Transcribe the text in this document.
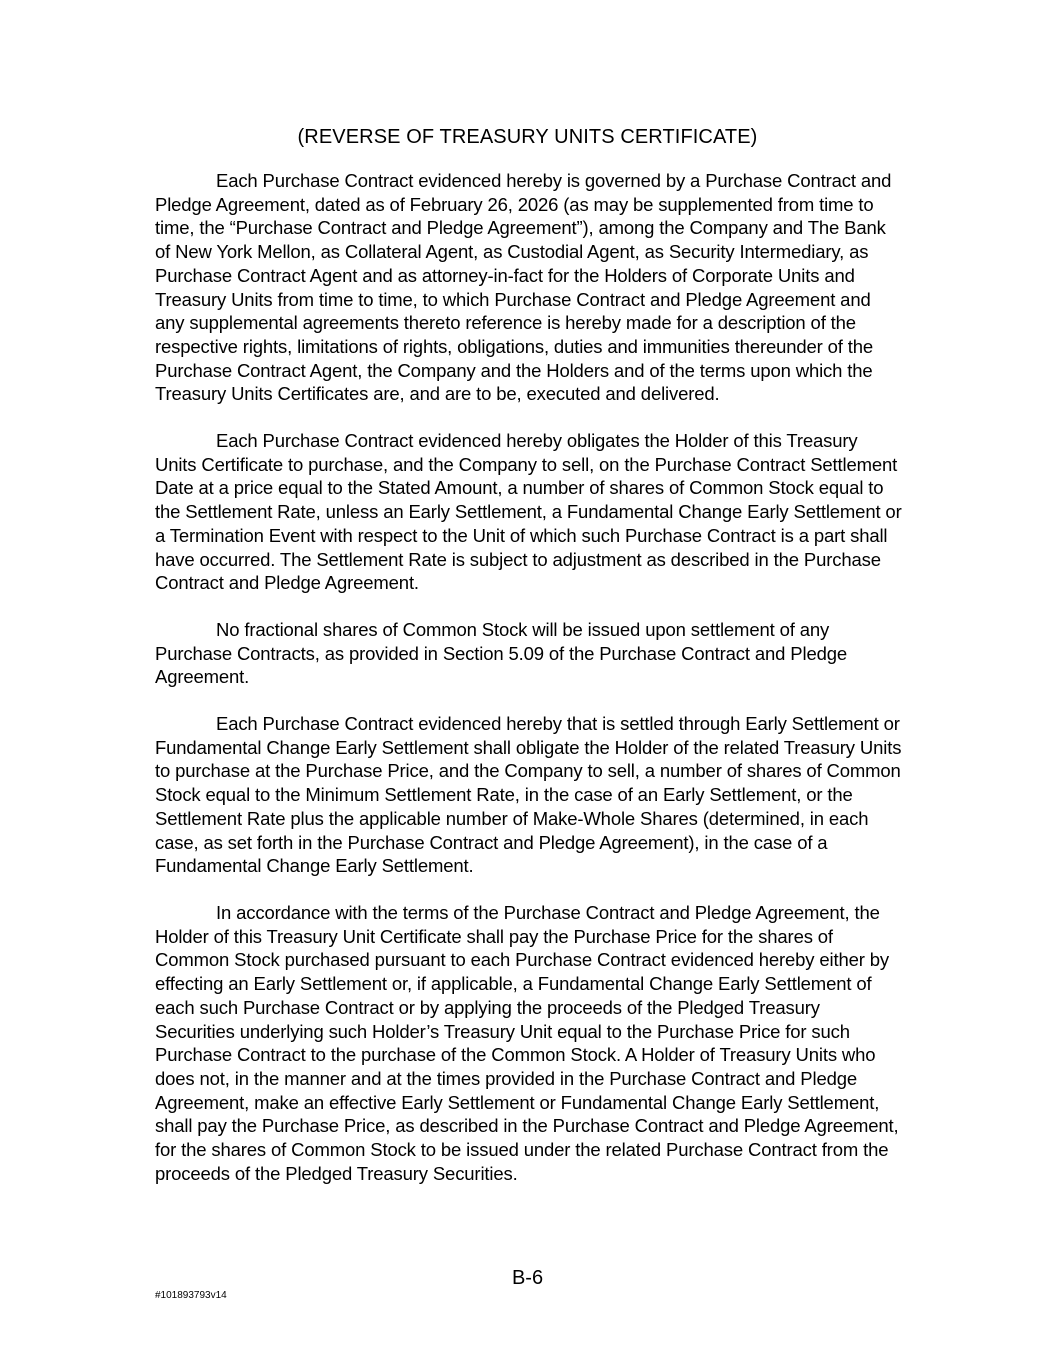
(REVERSE OF TREASURY UNITS CERTIFICATE)

Each Purchase Contract evidenced hereby is governed by a Purchase Contract and Pledge Agreement, dated as of February 26, 2026 (as may be supplemented from time to time, the “Purchase Contract and Pledge Agreement”), among the Company and The Bank of New York Mellon, as Collateral Agent, as Custodial Agent, as Security Intermediary, as Purchase Contract Agent and as attorney-in-fact for the Holders of Corporate Units and Treasury Units from time to time, to which Purchase Contract and Pledge Agreement and any supplemental agreements thereto reference is hereby made for a description of the respective rights, limitations of rights, obligations, duties and immunities thereunder of the Purchase Contract Agent, the Company and the Holders and of the terms upon which the Treasury Units Certificates are, and are to be, executed and delivered.

Each Purchase Contract evidenced hereby obligates the Holder of this Treasury Units Certificate to purchase, and the Company to sell, on the Purchase Contract Settlement Date at a price equal to the Stated Amount, a number of shares of Common Stock equal to the Settlement Rate, unless an Early Settlement, a Fundamental Change Early Settlement or a Termination Event with respect to the Unit of which such Purchase Contract is a part shall have occurred. The Settlement Rate is subject to adjustment as described in the Purchase Contract and Pledge Agreement.

No fractional shares of Common Stock will be issued upon settlement of any Purchase Contracts, as provided in Section 5.09 of the Purchase Contract and Pledge Agreement.

Each Purchase Contract evidenced hereby that is settled through Early Settlement or Fundamental Change Early Settlement shall obligate the Holder of the related Treasury Units to purchase at the Purchase Price, and the Company to sell, a number of shares of Common Stock equal to the Minimum Settlement Rate, in the case of an Early Settlement, or the Settlement Rate plus the applicable number of Make-Whole Shares (determined, in each case, as set forth in the Purchase Contract and Pledge Agreement), in the case of a Fundamental Change Early Settlement.

In accordance with the terms of the Purchase Contract and Pledge Agreement, the Holder of this Treasury Unit Certificate shall pay the Purchase Price for the shares of Common Stock purchased pursuant to each Purchase Contract evidenced hereby either by effecting an Early Settlement or, if applicable, a Fundamental Change Early Settlement of each such Purchase Contract or by applying the proceeds of the Pledged Treasury Securities underlying such Holder’s Treasury Unit equal to the Purchase Price for such Purchase Contract to the purchase of the Common Stock. A Holder of Treasury Units who does not, in the manner and at the times provided in the Purchase Contract and Pledge Agreement, make an effective Early Settlement or Fundamental Change Early Settlement, shall pay the Purchase Price, as described in the Purchase Contract and Pledge Agreement, for the shares of Common Stock to be issued under the related Purchase Contract from the proceeds of the Pledged Treasury Securities.

B-6
#101893793v14
